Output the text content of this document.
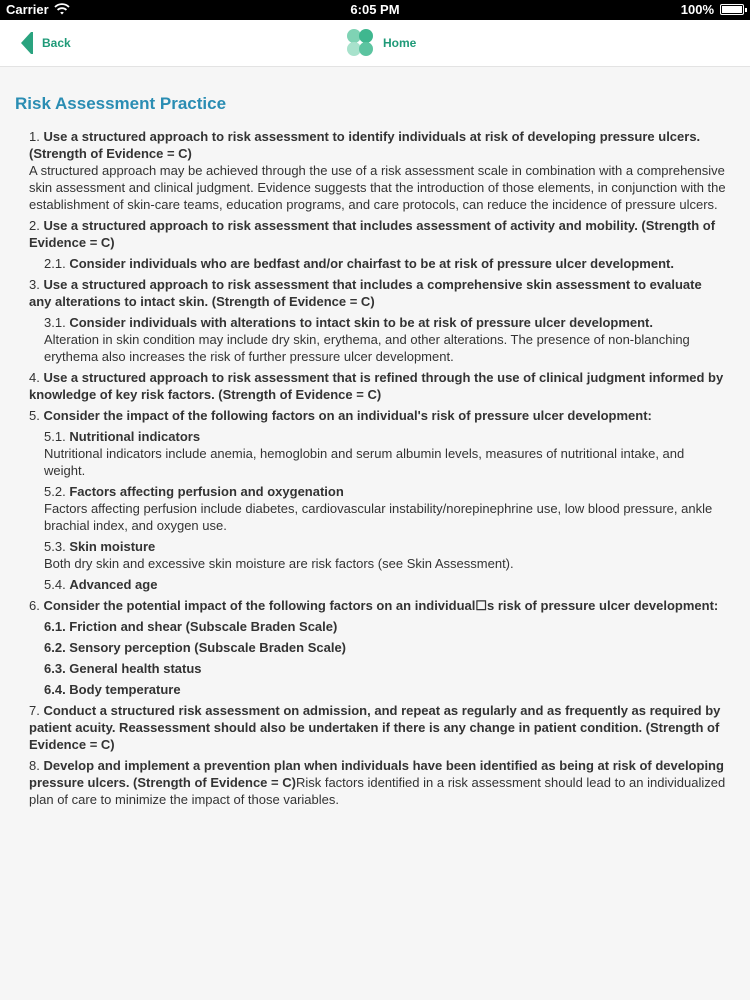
Carrier	6:05 PM	100%
Back	Home
Risk Assessment Practice
1. Use a structured approach to risk assessment to identify individuals at risk of developing pressure ulcers. (Strength of Evidence = C)
A structured approach may be achieved through the use of a risk assessment scale in combination with a comprehensive skin assessment and clinical judgment. Evidence suggests that the introduction of those elements, in conjunction with the establishment of skin-care teams, education programs, and care protocols, can reduce the incidence of pressure ulcers.
2. Use a structured approach to risk assessment that includes assessment of activity and mobility. (Strength of Evidence = C)
2.1. Consider individuals who are bedfast and/or chairfast to be at risk of pressure ulcer development.
3. Use a structured approach to risk assessment that includes a comprehensive skin assessment to evaluate any alterations to intact skin. (Strength of Evidence = C)
3.1. Consider individuals with alterations to intact skin to be at risk of pressure ulcer development.
Alteration in skin condition may include dry skin, erythema, and other alterations. The presence of non-blanching erythema also increases the risk of further pressure ulcer development.
4. Use a structured approach to risk assessment that is refined through the use of clinical judgment informed by knowledge of key risk factors. (Strength of Evidence = C)
5. Consider the impact of the following factors on an individual's risk of pressure ulcer development:
5.1. Nutritional indicators
Nutritional indicators include anemia, hemoglobin and serum albumin levels, measures of nutritional intake, and weight.
5.2. Factors affecting perfusion and oxygenation
Factors affecting perfusion include diabetes, cardiovascular instability/norepinephrine use, low blood pressure, ankle brachial index, and oxygen use.
5.3. Skin moisture
Both dry skin and excessive skin moisture are risk factors (see Skin Assessment).
5.4. Advanced age
6. Consider the potential impact of the following factors on an individual☐s risk of pressure ulcer development:
6.1. Friction and shear (Subscale Braden Scale)
6.2. Sensory perception (Subscale Braden Scale)
6.3. General health status
6.4. Body temperature
7. Conduct a structured risk assessment on admission, and repeat as regularly and as frequently as required by patient acuity. Reassessment should also be undertaken if there is any change in patient condition. (Strength of Evidence = C)
8. Develop and implement a prevention plan when individuals have been identified as being at risk of developing pressure ulcers. (Strength of Evidence = C)Risk factors identified in a risk assessment should lead to an individualized plan of care to minimize the impact of those variables.
